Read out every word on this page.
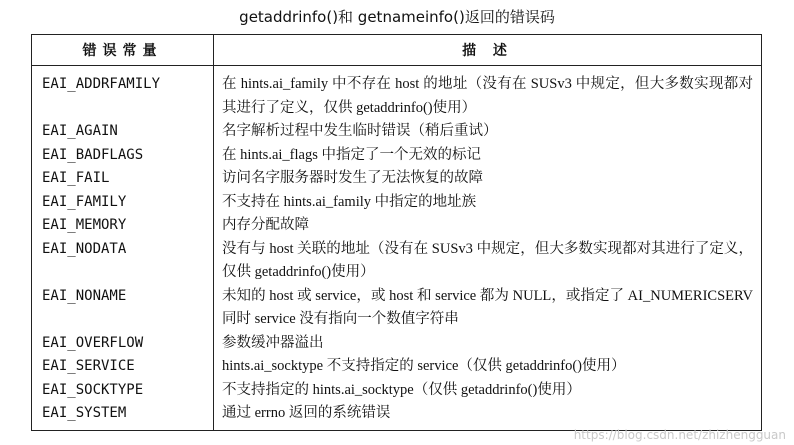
getaddrinfo()和 getnameinfo()返回的错误码
错误常量	描 述
EAI_ADDRFAMILY	在 hints.ai_family 中不存在 host 的地址（没有在 SUSv3 中规定，但大多数实现都对其进行了定义，仅供 getaddrinfo()使用）
EAI_AGAIN	名字解析过程中发生临时错误（稍后重试）
EAI_BADFLAGS	在 hints.ai_flags 中指定了一个无效的标记
EAI_FAIL	访问名字服务器时发生了无法恢复的故障
EAI_FAMILY	不支持在 hints.ai_family 中指定的地址族
EAI_MEMORY	内存分配故障
EAI_NODATA	没有与 host 关联的地址（没有在 SUSv3 中规定，但大多数实现都对其进行了定义，仅供 getaddrinfo()使用）
EAI_NONAME	未知的 host 或 service，或 host 和 service 都为 NULL，或指定了 AI_NUMERICSERV 同时 service 没有指向一个数值字符串
EAI_OVERFLOW	参数缓冲器溢出
EAI_SERVICE	hints.ai_socktype 不支持指定的 service（仅供 getaddrinfo()使用）
EAI_SOCKTYPE	不支持指定的 hints.ai_socktype（仅供 getaddrinfo()使用）
EAI_SYSTEM	通过 errno 返回的系统错误
https://blog.csdn.net/zhizhengguan
